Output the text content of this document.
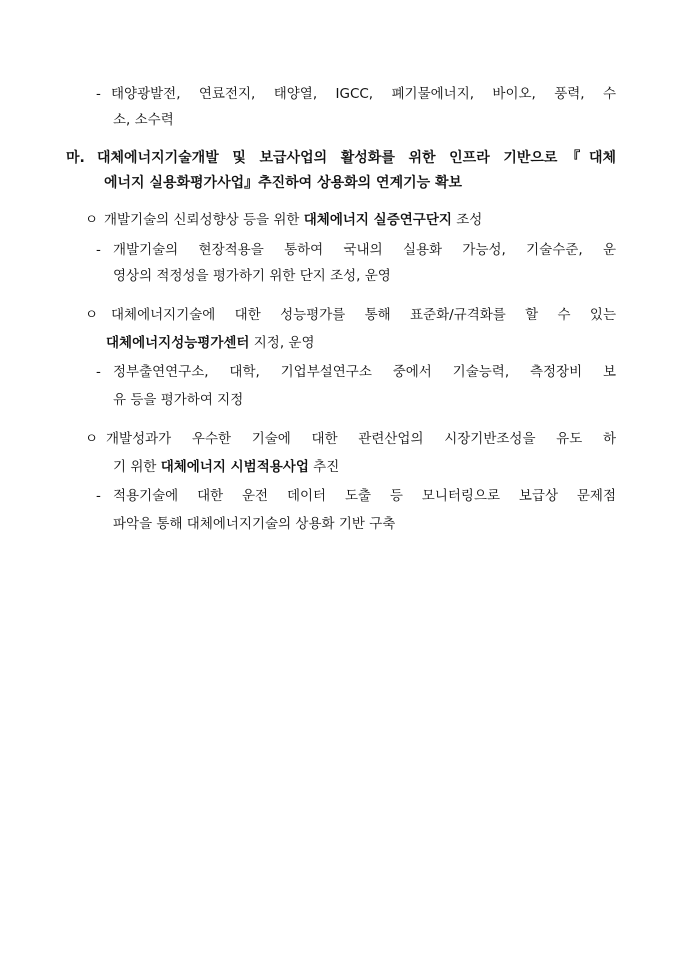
- 태양광발전, 연료전지, 태양열, IGCC, 폐기물에너지, 바이오, 풍력, 수
소, 소수력
마. 대체에너지기술개발 및 보급사업의 활성화를 위한 인프라 기반으로『대체
에너지 실용화평가사업』추진하여 상용화의 연계기능 확보
ㅇ 개발기술의 신뢰성향상 등을 위한 대체에너지 실증연구단지 조성
- 개발기술의 현장적용을 통하여 국내의 실용화 가능성, 기술수준, 운
영상의 적정성을 평가하기 위한 단지 조성, 운영
ㅇ 대체에너지기술에 대한 성능평가를 통해 표준화/규격화를 할 수 있는
대체에너지성능평가센터 지정, 운영
- 정부출연연구소, 대학, 기업부설연구소 중에서 기술능력, 측정장비 보
유 등을 평가하여 지정
ㅇ 개발성과가 우수한 기술에 대한 관련산업의 시장기반조성을 유도 하
기 위한 대체에너지 시범적용사업 추진
- 적용기술에 대한 운전 데이터 도출 등 모니터링으로 보급상 문제점
파악을 통해 대체에너지기술의 상용화 기반 구축
